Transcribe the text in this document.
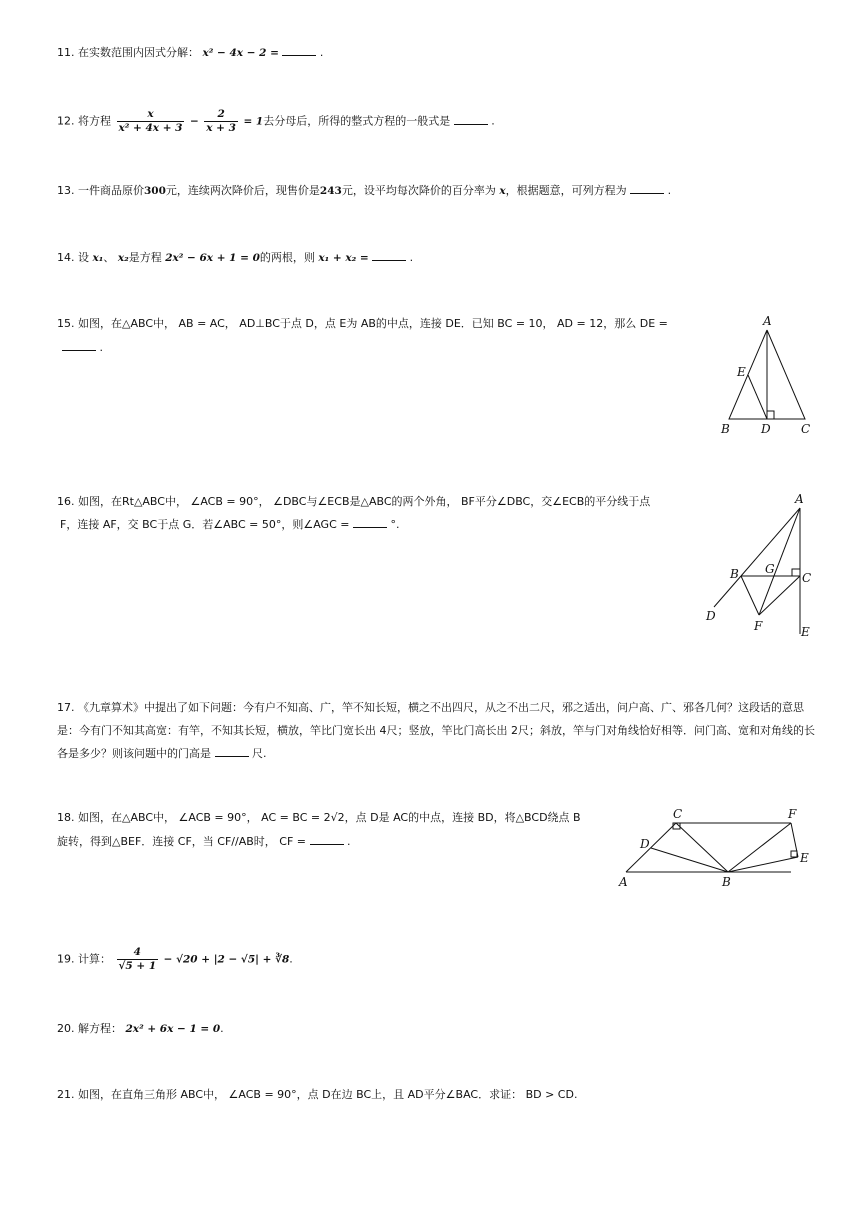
11. 在实数范围内因式分解： x² − 4x − 2 =	.
12. 将方程 $\frac{x}{\text{x² + 4x + 3}} - \frac{2}{x + 3} = 1$去分母后，所得的整式方程的一般式是	.
13. 一件商品原价300元，连续两次降价后，现售价是243元，设平均每次降价的百分率为 x，根据题意，可列方程为	.
14. 设 x₁、 x₂是方程 2x² − 6x + 1 = 0的两根，则 x₁ + x₂ =	.
15. 如图，在△ABC中， AB = AC， AD⊥BC于点 D，点 E为 AB的中点，连接 DE．已知 BC = 10， AD = 12，那么 DE =
.
A
B	C
D
E
16. 如图，在Rt△ABC中， ∠ACB = 90°， ∠DBC与∠ECB是△ABC的两个外角， BF平分∠DBC，交∠ECB的平分线于点
F，连接 AF，交 BC于点 G．若∠ABC = 50°，则∠AGC =	°.
A
B G
C
D
F	E
17. 《九章算术》中提出了如下问题：今有户不知高、广，竿不知长短，横之不出四尺，从之不出二尺，邪之适出，问户高、广、邪各几何？这段话的意思是：今有门不知其高宽：有竿，不知其长短，横放，竿比门宽长出 4尺；竖放，竿比门高长出 2尺；斜放，竿与门对角线恰好相等．问门高、宽和对角线的长各是多少？则该问题中的门高是	尺.
18. 如图，在△ABC中， ∠ACB = 90°， AC = BC = 2√2，点 D是 AC的中点，连接 BD，将△BCD绕点 B
旋转，得到△BEF．连接 CF，当 CF//AB时， CF =	.
A	B
C
D
E
F
19. 计算： $\frac{4}{√5 + 1} - √20 + |2 - √5|$ + ∛8.
20. 解方程： 2x² + 6x − 1 = 0.
21. 如图，在直角三角形 ABC中， ∠ACB = 90°，点 D在边 BC上，且 AD平分∠BAC．求证： BD > CD.
